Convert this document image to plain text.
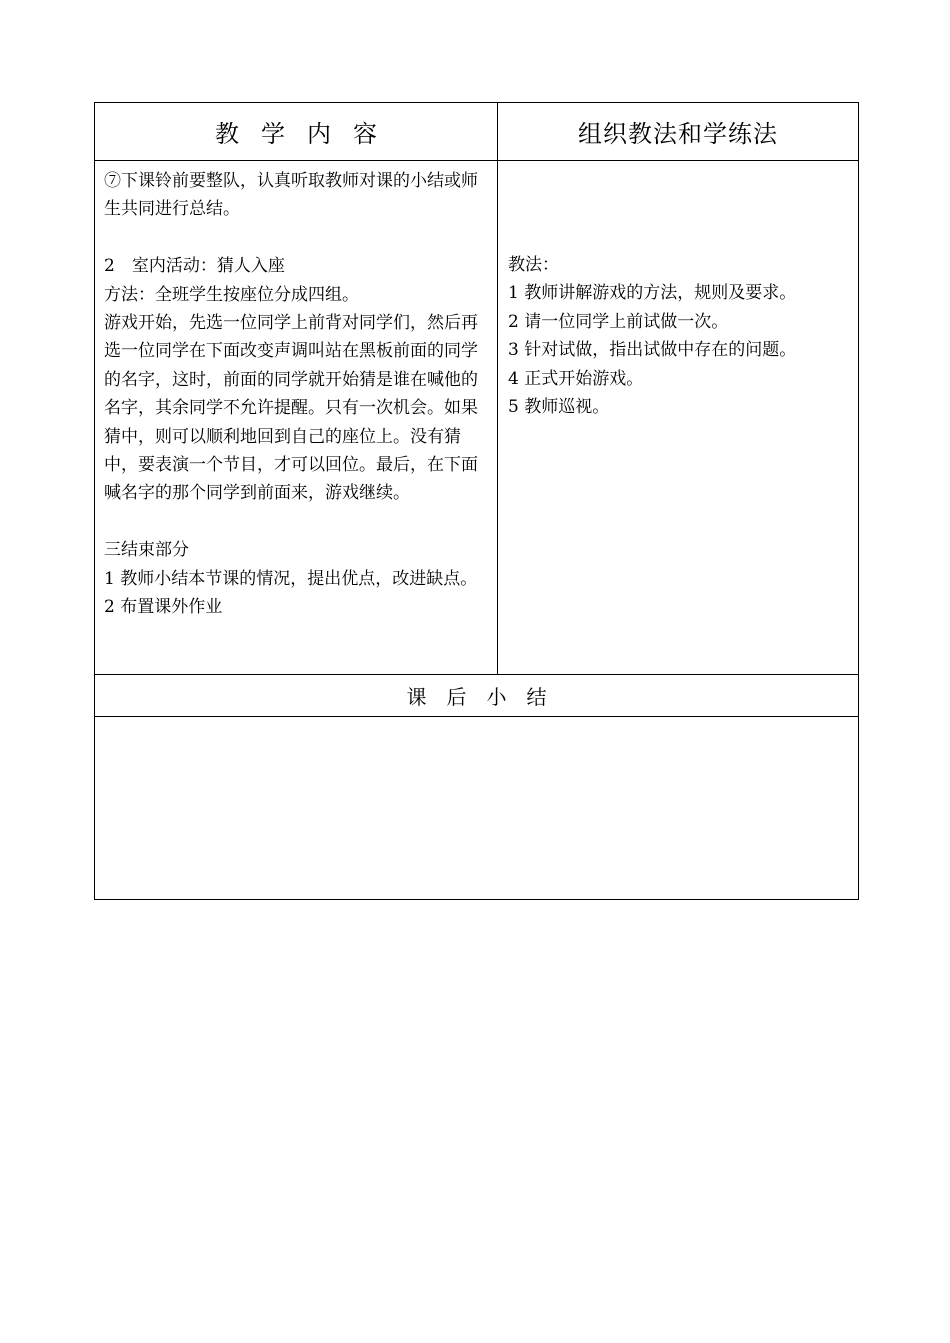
教学内容	组织教法和学练法

⑦下课铃前要整队，认真听取教师对课的小结或师生共同进行总结。

2　室内活动：猜人入座

方法：全班学生按座位分成四组。

游戏开始，先选一位同学上前背对同学们，然后再选一位同学在下面改变声调叫站在黑板前面的同学的名字，这时，前面的同学就开始猜是谁在喊他的名字，其余同学不允许提醒。只有一次机会。如果猜中，则可以顺利地回到自己的座位上。没有猜中，要表演一个节目，才可以回位。最后，在下面喊名字的那个同学到前面来，游戏继续。

三结束部分

1 教师小结本节课的情况，提出优点，改进缺点。

2 布置课外作业

教法：

1 教师讲解游戏的方法，规则及要求。

2 请一位同学上前试做一次。

3 针对试做，指出试做中存在的问题。

4 正式开始游戏。

5 教师巡视。

课后小结
